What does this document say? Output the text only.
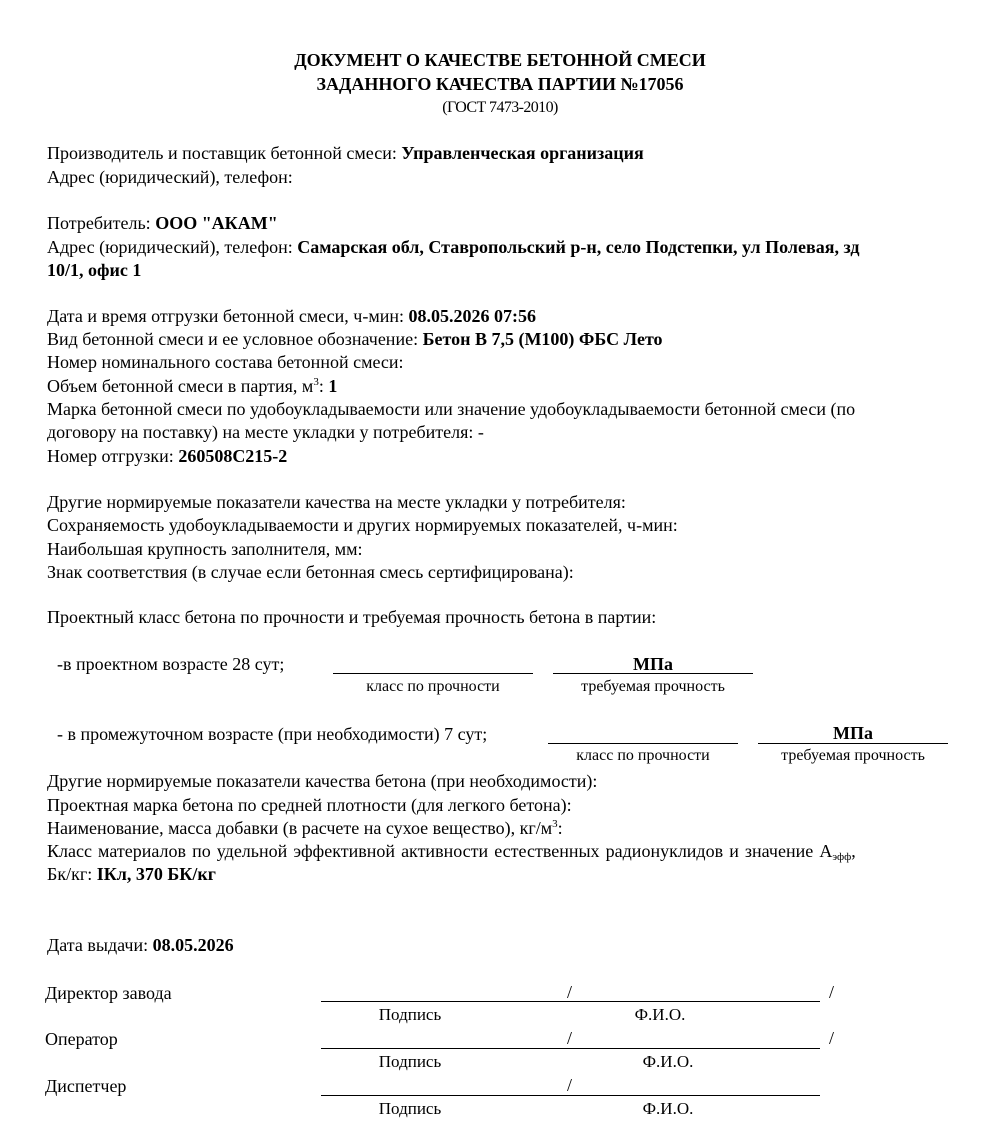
ДОКУМЕНТ О КАЧЕСТВЕ БЕТОННОЙ СМЕСИ
ЗАДАННОГО КАЧЕСТВА ПАРТИИ №17056
(ГОСТ 7473-2010)
Производитель и поставщик бетонной смеси: Управленческая организация
Адрес (юридический), телефон:
Потребитель: ООО "АКАМ"
Адрес (юридический), телефон: Самарская обл, Ставропольский р-н, село Подстепки, ул Полевая, зд
10/1, офис 1
Дата и время отгрузки бетонной смеси, ч-мин: 08.05.2026 07:56
Вид бетонной смеси и ее условное обозначение: Бетон В 7,5 (М100) ФБС Лето
Номер номинального состава бетонной смеси:
Объем бетонной смеси в партия, $м^3$: 1
Марка бетонной смеси по удобоукладываемости или значение удобоукладываемости бетонной смеси (по
договору на поставку) на месте укладки у потребителя: -
Номер отгрузки: 260508С215-2
Другие нормируемые показатели качества на месте укладки у потребителя:
Сохраняемость удобоукладываемости и других нормируемых показателей, ч-мин:
Наибольшая крупность заполнителя, мм:
Знак соответствия (в случае если бетонная смесь сертифицирована):
Проектный класс бетона по прочности и требуемая прочность бетона в партии:
-в проектном возрасте 28 сут;	МПа
класс по прочности	требуемая прочность
- в промежуточном возрасте (при необходимости) 7 сут;	МПа
класс по прочности	требуемая прочность
Другие нормируемые показатели качества бетона (при необходимости):
Проектная марка бетона по средней плотности (для легкого бетона):
Наименование, масса добавки (в расчете на сухое вещество), $кг/м^3$:
Класс материалов по удельной эффективной активности естественных радионуклидов и значение $А_{эфф}$,
Бк/кг: IКл, 370 БК/кг
Дата выдачи: 08.05.2026
Директор завода	/	/
Подпись	Ф.И.О.
Оператор	/	/
Подпись	Ф.И.О.
Диспетчер	/
Подпись	Ф.И.О.
